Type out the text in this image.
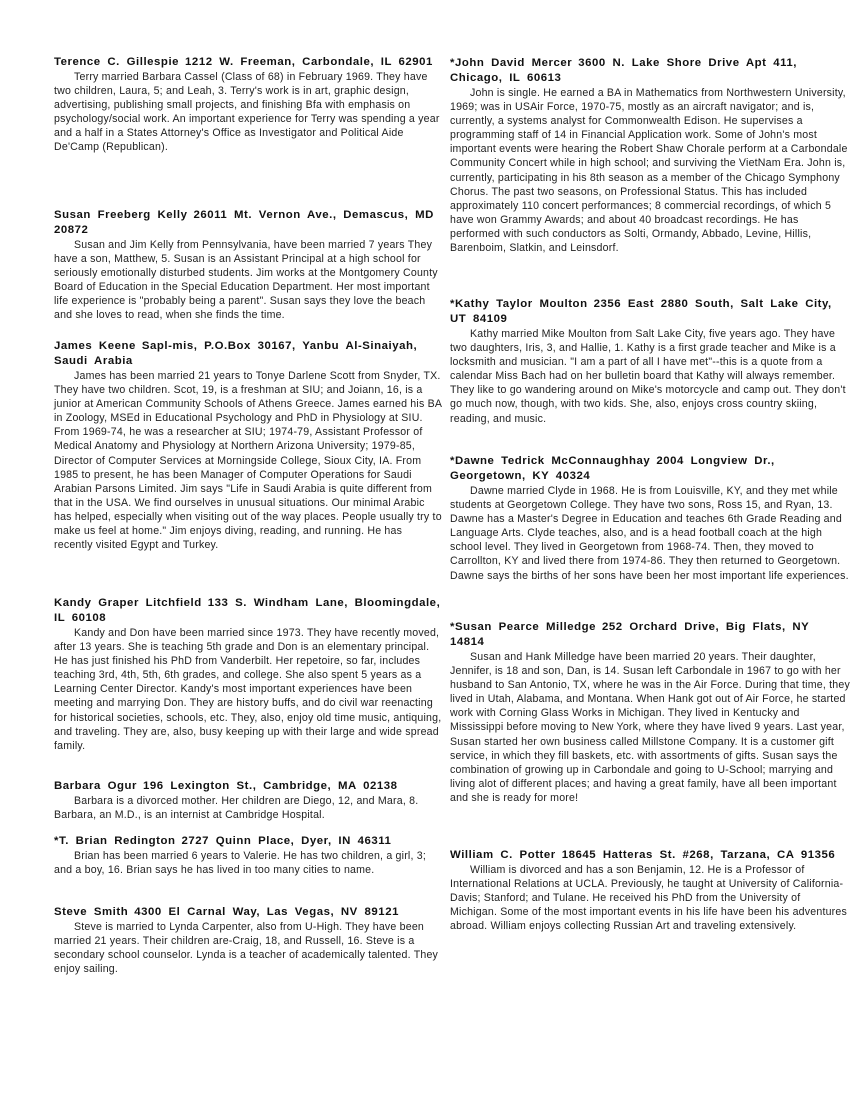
Terence C. Gillespie 1212 W. Freeman, Carbondale, IL 62901
Terry married Barbara Cassel (Class of 68) in February 1969. They have two children, Laura, 5; and Leah, 3. Terry's work is in art, graphic design, advertising, publishing small projects, and finishing Bfa with emphasis on psychology/social work. An important experience for Terry was spending a year and a half in a States Attorney's Office as Investigator and Political Aide De'Camp (Republican).
Susan Freeberg Kelly 26011 Mt. Vernon Ave., Demascus, MD 20872
Susan and Jim Kelly from Pennsylvania, have been married 7 years They have a son, Matthew, 5. Susan is an Assistant Principal at a high school for seriously emotionally disturbed students. Jim works at the Montgomery County Board of Education in the Special Education Department. Her most important life experience is "probably being a parent". Susan says they love the beach and she loves to read, when she finds the time.
James Keene Sapl-mis, P.O.Box 30167, Yanbu Al-Sinaiyah, Saudi Arabia
James has been married 21 years to Tonye Darlene Scott from Snyder, TX. They have two children. Scot, 19, is a freshman at SIU; and Joiann, 16, is a junior at American Community Schools of Athens Greece. James earned his BA in Zoology, MSEd in Educational Psychology and PhD in Physiology at SIU. From 1969-74, he was a researcher at SIU; 1974-79, Assistant Professor of Medical Anatomy and Physiology at Northern Arizona University; 1979-85, Director of Computer Services at Morningside College, Sioux City, IA. From 1985 to present, he has been Manager of Computer Operations for Saudi Arabian Parsons Limited. Jim says "Life in Saudi Arabia is quite different from that in the USA. We find ourselves in unusual situations. Our minimal Arabic has helped, especially when visiting out of the way places. People usually try to make us feel at home." Jim enjoys diving, reading, and running. He has recently visited Egypt and Turkey.
Kandy Graper Litchfield 133 S. Windham Lane, Bloomingdale, IL 60108
Kandy and Don have been married since 1973. They have recently moved, after 13 years. She is teaching 5th grade and Don is an elementary principal. He has just finished his PhD from Vanderbilt. Her repetoire, so far, includes teaching 3rd, 4th, 5th, 6th grades, and college. She also spent 5 years as a Learning Center Director. Kandy's most important experiences have been meeting and marrying Don. They are history buffs, and do civil war reenacting for historical societies, schools, etc. They, also, enjoy old time music, antiquing, and traveling. They are, also, busy keeping up with their large and wide spread family.
Barbara Ogur 196 Lexington St., Cambridge, MA 02138
Barbara is a divorced mother. Her children are Diego, 12, and Mara, 8. Barbara, an M.D., is an internist at Cambridge Hospital.
*T. Brian Redington 2727 Quinn Place, Dyer, IN 46311
Brian has been married 6 years to Valerie. He has two children, a girl, 3; and a boy, 16. Brian says he has lived in too many cities to name.
Steve Smith 4300 El Carnal Way, Las Vegas, NV 89121
Steve is married to Lynda Carpenter, also from U-High. They have been married 21 years. Their children are-Craig, 18, and Russell, 16. Steve is a secondary school counselor. Lynda is a teacher of academically talented. They enjoy sailing.
*John David Mercer 3600 N. Lake Shore Drive Apt 411, Chicago, IL 60613
John is single. He earned a BA in Mathematics from Northwestern University, 1969; was in USAir Force, 1970-75, mostly as an aircraft navigator; and is, currently, a systems analyst for Commonwealth Edison. He supervises a programming staff of 14 in Financial Application work. Some of John's most important events were hearing the Robert Shaw Chorale perform at a Carbondale Community Concert while in high school; and surviving the VietNam Era. John is, currently, participating in his 8th season as a member of the Chicago Symphony Chorus. The past two seasons, on Professional Status. This has included approximately 110 concert performances; 8 commercial recordings, of which 5 have won Grammy Awards; and about 40 broadcast recordings. He has performed with such conductors as Solti, Ormandy, Abbado, Levine, Hillis, Barenboim, Slatkin, and Leinsdorf.
*Kathy Taylor Moulton 2356 East 2880 South, Salt Lake City, UT 84109
Kathy married Mike Moulton from Salt Lake City, five years ago. They have two daughters, Iris, 3, and Hallie, 1. Kathy is a first grade teacher and Mike is a locksmith and musician. "I am a part of all I have met"--this is a quote from a calendar Miss Bach had on her bulletin board that Kathy will always remember. They like to go wandering around on Mike's motorcycle and camp out. They don't go much now, though, with two kids. She, also, enjoys cross country skiing, reading, and music.
*Dawne Tedrick McConnaughhay 2004 Longview Dr., Georgetown, KY 40324
Dawne married Clyde in 1968. He is from Louisville, KY, and they met while students at Georgetown College. They have two sons, Ross 15, and Ryan, 13. Dawne has a Master's Degree in Education and teaches 6th Grade Reading and Language Arts. Clyde teaches, also, and is a head football coach at the high school level. They lived in Georgetown from 1968-74. Then, they moved to Carrollton, KY and lived there from 1974-86. They then returned to Georgetown. Dawne says the births of her sons have been her most important life experiences.
*Susan Pearce Milledge 252 Orchard Drive, Big Flats, NY 14814
Susan and Hank Milledge have been married 20 years. Their daughter, Jennifer, is 18 and son, Dan, is 14. Susan left Carbondale in 1967 to go with her husband to San Antonio, TX, where he was in the Air Force. During that time, they lived in Utah, Alabama, and Montana. When Hank got out of Air Force, he started work with Corning Glass Works in Michigan. They lived in Kentucky and Mississippi before moving to New York, where they have lived 9 years. Last year, Susan started her own business called Millstone Company. It is a customer gift service, in which they fill baskets, etc. with assortments of gifts. Susan says the combination of growing up in Carbondale and going to U-School; marrying and living alot of different places; and having a great family, have all been important and she is ready for more!
William C. Potter 18645 Hatteras St. #268, Tarzana, CA 91356
William is divorced and has a son Benjamin, 12. He is a Professor of International Relations at UCLA. Previously, he taught at University of California-Davis; Stanford; and Tulane. He received his PhD from the University of Michigan. Some of the most important events in his life have been his adventures abroad. William enjoys collecting Russian Art and traveling extensively.
